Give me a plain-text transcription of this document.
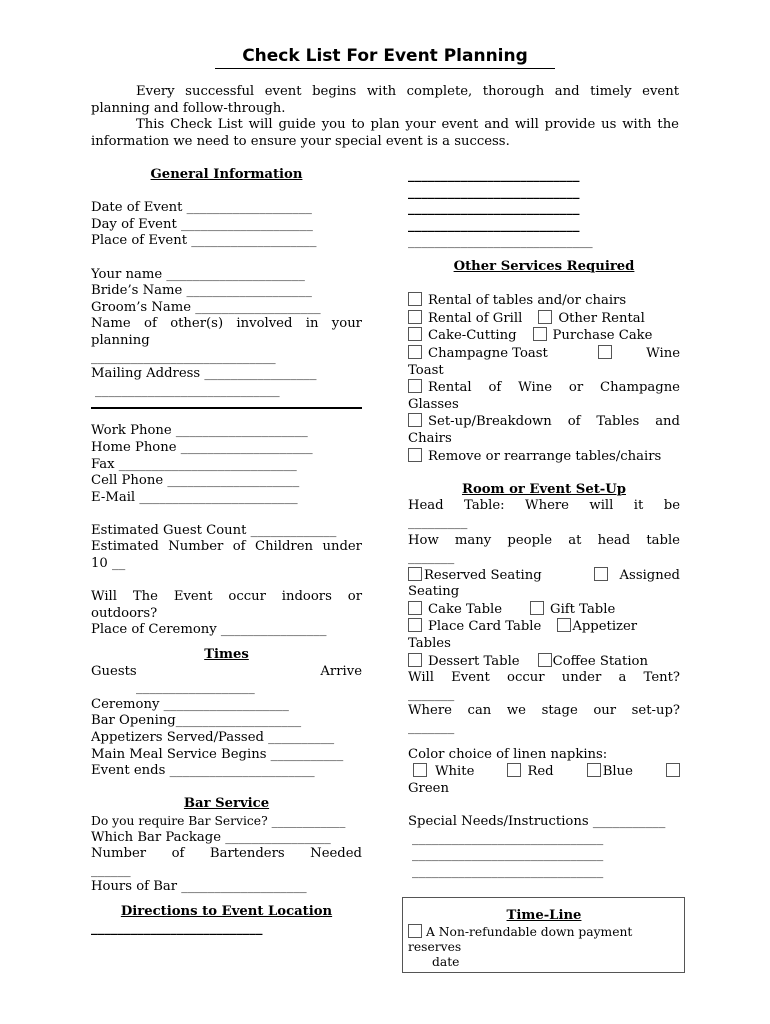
Check List For Event Planning

Every successful event begins with complete, thorough and timely event planning and follow-through.

This Check List will guide you to plan your event and will provide us with the information we need to ensure your special event is a success.

General Information
Date of Event ___________________
Day of Event ____________________
Place of Event ___________________
Your name _____________________
Bride’s Name ___________________
Groom’s Name ___________________
Name of other(s) involved in your
planning
____________________________
Mailing Address _________________
____________________________
Work Phone ____________________
Home Phone ____________________
Fax ___________________________
Cell Phone ____________________
E-Mail ________________________
Estimated Guest Count _____________
Estimated Number of Children under
10 __
Will The Event occur indoors or
outdoors?
Place of Ceremony ________________
Times
Guests	Arrive
__________________
Ceremony ___________________
Bar Opening___________________
Appetizers Served/Passed __________
Main Meal Service Begins ___________
Event ends ______________________
Bar Service
Do you require Bar Service? ____________
Which Bar Package ________________
Number of Bartenders Needed
______
Hours of Bar ___________________
Directions to Event Location
__________________________
__________________________
__________________________
__________________________
__________________________
____________________________
Other Services Required
Rental of tables and/or chairs
Rental of Grill	Other Rental
Cake-Cutting	Purchase Cake
Champagne Toast	Wine
Toast
Rental of Wine or Champagne
Glasses
Set-up/Breakdown of Tables and
Chairs
Remove or rearrange tables/chairs
Room or Event Set-Up
Head Table: Where will it be
_________
How many people at head table
_______
Reserved Seating	Assigned
Seating
Cake Table	Gift Table
Place Card Table Appetizer
Tables
Dessert Table	Coffee Station
Will Event occur under a Tent?
_______
Where can we stage our set-up?
_______
_____________________________
Color choice of linen napkins:
White	Red	Blue
Green
Special Needs/Instructions ___________
_____________________________
_____________________________
_____________________________
Time-Line
A Non-refundable down payment
reserves
date
